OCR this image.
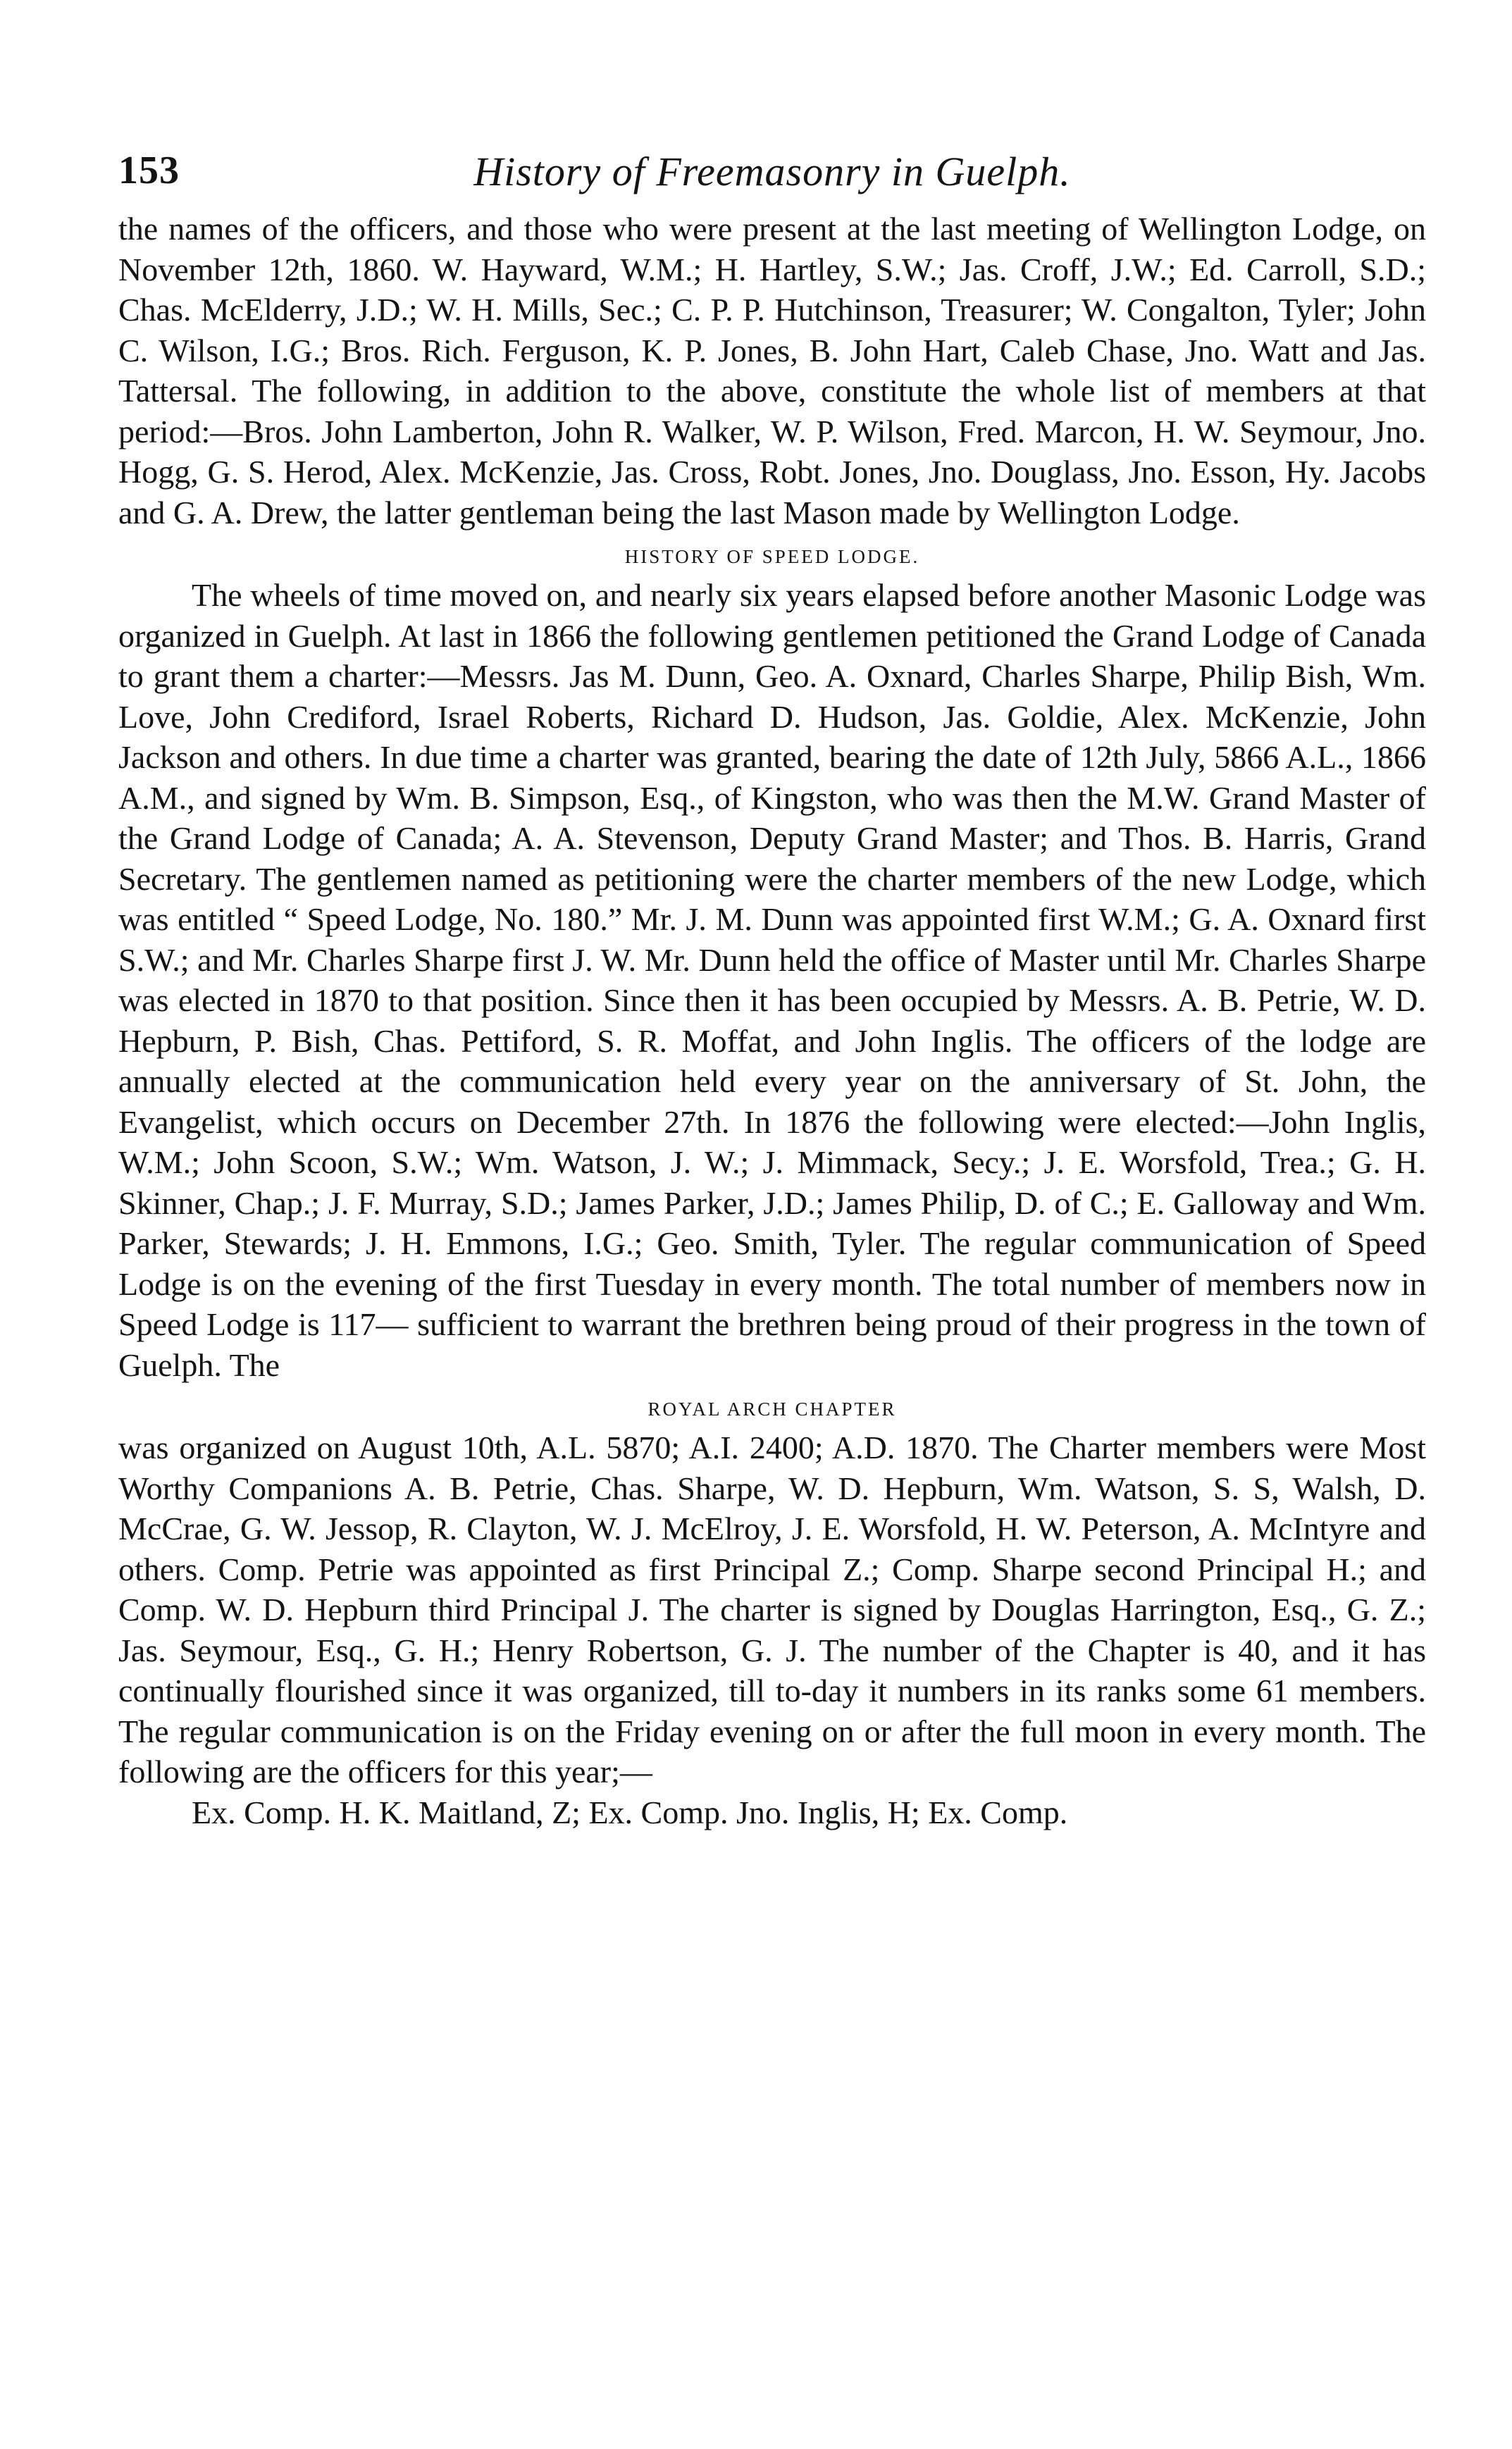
153	History of Freemasonry in Guelph.

the names of the officers, and those who were present at the last meeting of Wellington Lodge, on November 12th, 1860. W. Hayward, W.M.; H. Hartley, S.W.; Jas. Croff, J.W.; Ed. Carroll, S.D.; Chas. McElderry, J.D.; W. H. Mills, Sec.; C. P. P. Hutchinson, Treasurer; W. Congalton, Tyler; John C. Wilson, I.G.; Bros. Rich. Ferguson, K. P. Jones, B. John Hart, Caleb Chase, Jno. Watt and Jas. Tattersal. The following, in addition to the above, constitute the whole list of members at that period:—Bros. John Lamberton, John R. Walker, W. P. Wilson, Fred. Marcon, H. W. Seymour, Jno. Hogg, G. S. Herod, Alex. McKenzie, Jas. Cross, Robt. Jones, Jno. Douglass, Jno. Esson, Hy. Jacobs and G. A. Drew, the latter gentleman being the last Mason made by Wellington Lodge.

HISTORY OF SPEED LODGE.

The wheels of time moved on, and nearly six years elapsed before another Masonic Lodge was organized in Guelph. At last in 1866 the following gentlemen petitioned the Grand Lodge of Canada to grant them a charter:—Messrs. Jas M. Dunn, Geo. A. Oxnard, Charles Sharpe, Philip Bish, Wm. Love, John Crediford, Israel Roberts, Richard D. Hudson, Jas. Goldie, Alex. McKenzie, John Jackson and others. In due time a charter was granted, bearing the date of 12th July, 5866 A.L., 1866 A.M., and signed by Wm. B. Simpson, Esq., of Kingston, who was then the M.W. Grand Master of the Grand Lodge of Canada; A. A. Stevenson, Deputy Grand Master; and Thos. B. Harris, Grand Secretary. The gentlemen named as petitioning were the charter members of the new Lodge, which was entitled “ Speed Lodge, No. 180.” Mr. J. M. Dunn was appointed first W.M.; G. A. Oxnard first S.W.; and Mr. Charles Sharpe first J. W. Mr. Dunn held the office of Master until Mr. Charles Sharpe was elected in 1870 to that position. Since then it has been occupied by Messrs. A. B. Petrie, W. D. Hepburn, P. Bish, Chas. Pettiford, S. R. Moffat, and John Inglis. The officers of the lodge are annually elected at the communication held every year on the anniversary of St. John, the Evangelist, which occurs on December 27th. In 1876 the following were elected:—John Inglis, W.M.; John Scoon, S.W.; Wm. Watson, J. W.; J. Mimmack, Secy.; J. E. Worsfold, Trea.; G. H. Skinner, Chap.; J. F. Murray, S.D.; James Parker, J.D.; James Philip, D. of C.; E. Galloway and Wm. Parker, Stewards; J. H. Emmons, I.G.; Geo. Smith, Tyler. The regular communication of Speed Lodge is on the evening of the first Tuesday in every month. The total number of members now in Speed Lodge is 117— sufficient to warrant the brethren being proud of their progress in the town of Guelph. The

ROYAL ARCH CHAPTER

was organized on August 10th, A.L. 5870; A.I. 2400; A.D. 1870. The Charter members were Most Worthy Companions A. B. Petrie, Chas. Sharpe, W. D. Hepburn, Wm. Watson, S. S, Walsh, D. McCrae, G. W. Jessop, R. Clayton, W. J. McElroy, J. E. Worsfold, H. W. Peterson, A. McIntyre and others. Comp. Petrie was appointed as first Principal Z.; Comp. Sharpe second Principal H.; and Comp. W. D. Hepburn third Principal J. The charter is signed by Douglas Harrington, Esq., G. Z.; Jas. Seymour, Esq., G. H.; Henry Robertson, G. J. The number of the Chapter is 40, and it has continually flourished since it was organized, till to-day it numbers in its ranks some 61 members. The regular communication is on the Friday evening on or after the full moon in every month. The following are the officers for this year;—

Ex. Comp. H. K. Maitland, Z; Ex. Comp. Jno. Inglis, H; Ex. Comp.
